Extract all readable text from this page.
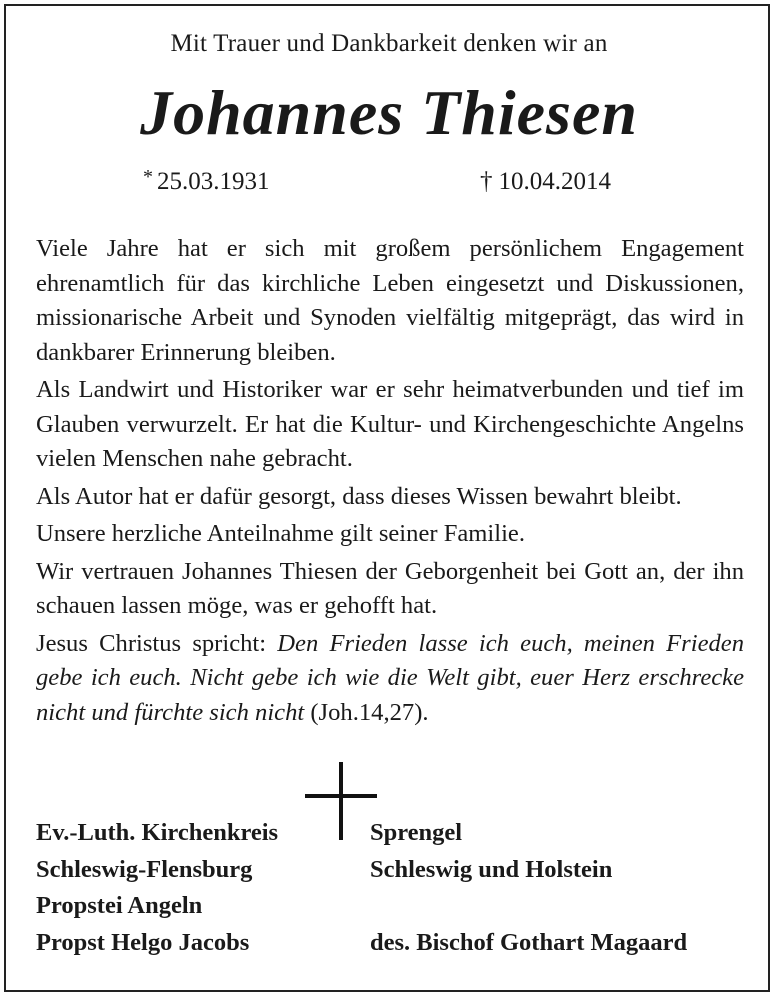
Mit Trauer und Dankbarkeit denken wir an
Johannes Thiesen
* 25.03.1931	† 10.04.2014

Viele Jahre hat er sich mit großem persönlichem Engagement ehrenamtlich für das kirchliche Leben eingesetzt und Diskussionen, missionarische Arbeit und Synoden vielfältig mitgeprägt, das wird in dankbarer Erinnerung bleiben.

Als Landwirt und Historiker war er sehr heimatverbunden und tief im Glauben verwurzelt. Er hat die Kultur- und Kirchengeschichte Angelns vielen Menschen nahe gebracht.

Als Autor hat er dafür gesorgt, dass dieses Wissen bewahrt bleibt.

Unsere herzliche Anteilnahme gilt seiner Familie.

Wir vertrauen Johannes Thiesen der Geborgenheit bei Gott an, der ihn schauen lassen möge, was er gehofft hat.

Jesus Christus spricht: Den Frieden lasse ich euch, meinen Frieden gebe ich euch. Nicht gebe ich wie die Welt gibt, euer Herz erschrecke nicht und fürchte sich nicht (Joh.14,27).

Ev.-Luth. Kirchenkreis
Schleswig-Flensburg
Propstei Angeln
Propst Helgo Jacobs
Sprengel
Schleswig und Holstein

des. Bischof Gothart Magaard
